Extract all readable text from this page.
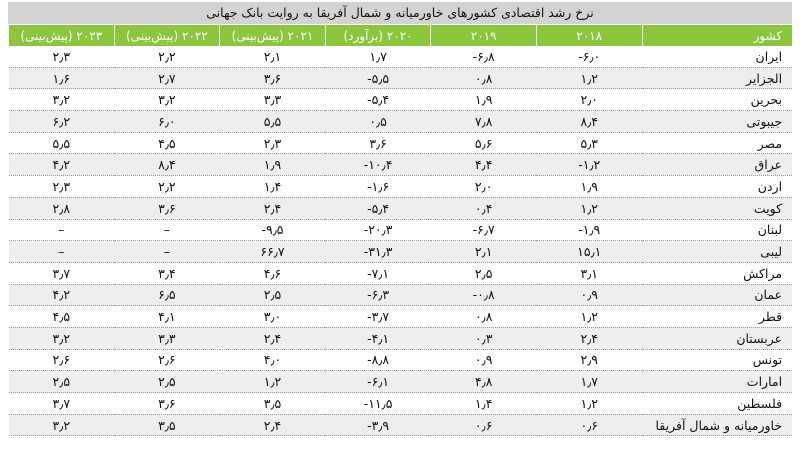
نرخ رشد اقتصادی کشورهای خاورمیانه و شمال آفریقا به روایت بانک جهانی
کشور	۲۰۱۸	۲۰۱۹	۲۰۲۰ (برآورد)	۲۰۲۱ (پیش‌بینی)	۲۰۲۲ (پیش‌بینی)	۲۰۲۳ (پیش‌بینی)
ایران	-۶٫۰	-۶٫۸	۱٫۷	۲٫۱	۲٫۲	۲٫۳
الجزایر	۱٫۲	۰٫۸	-۵٫۵	۳٫۶	۲٫۷	۱٫۶
بحرین	۲٫۰	۱٫۹	-۵٫۴	۳٫۳	۳٫۲	۳٫۲
جیبوتی	۸٫۴	۷٫۸	۰٫۵	۵٫۵	۶٫۰	۶٫۲
مصر	۵٫۳	۵٫۶	۳٫۶	۲٫۳	۴٫۵	۵٫۵
عراق	-۱٫۲	۴٫۴	-۱۰٫۴	۱٫۹	۸٫۴	۴٫۲
اردن	۱٫۹	۲٫۰	-۱٫۶	۱٫۴	۲٫۲	۲٫۳
کویت	۱٫۲	۰٫۴	-۵٫۴	۲٫۴	۳٫۶	۲٫۸
لبنان	-۱٫۹	-۶٫۷	-۲۰٫۳	-۹٫۵	–	–
لیبی	۱۵٫۱	۲٫۱	-۳۱٫۳	۶۶٫۷	–	–
مراکش	۳٫۱	۲٫۵	-۷٫۱	۴٫۶	۳٫۴	۳٫۷
عمان	۰٫۹	-۰٫۸	-۶٫۳	۲٫۵	۶٫۵	۴٫۲
قطر	۱٫۲	۰٫۸	-۳٫۷	۳٫۰	۴٫۱	۴٫۵
عربستان	۲٫۴	۰٫۳	-۴٫۱	۲٫۴	۳٫۳	۳٫۲
تونس	۲٫۹	۰٫۹	-۸٫۸	۴٫۰	۲٫۶	۲٫۶
امارات	۱٫۷	۴٫۸	-۶٫۱	۱٫۲	۲٫۵	۲٫۵
فلسطین	۱٫۲	۱٫۴	-۱۱٫۵	۳٫۵	۳٫۶	۳٫۷
خاورمیانه و شمال آفریقا	۰٫۶	۰٫۶	-۳٫۹	۲٫۴	۳٫۵	۳٫۲
